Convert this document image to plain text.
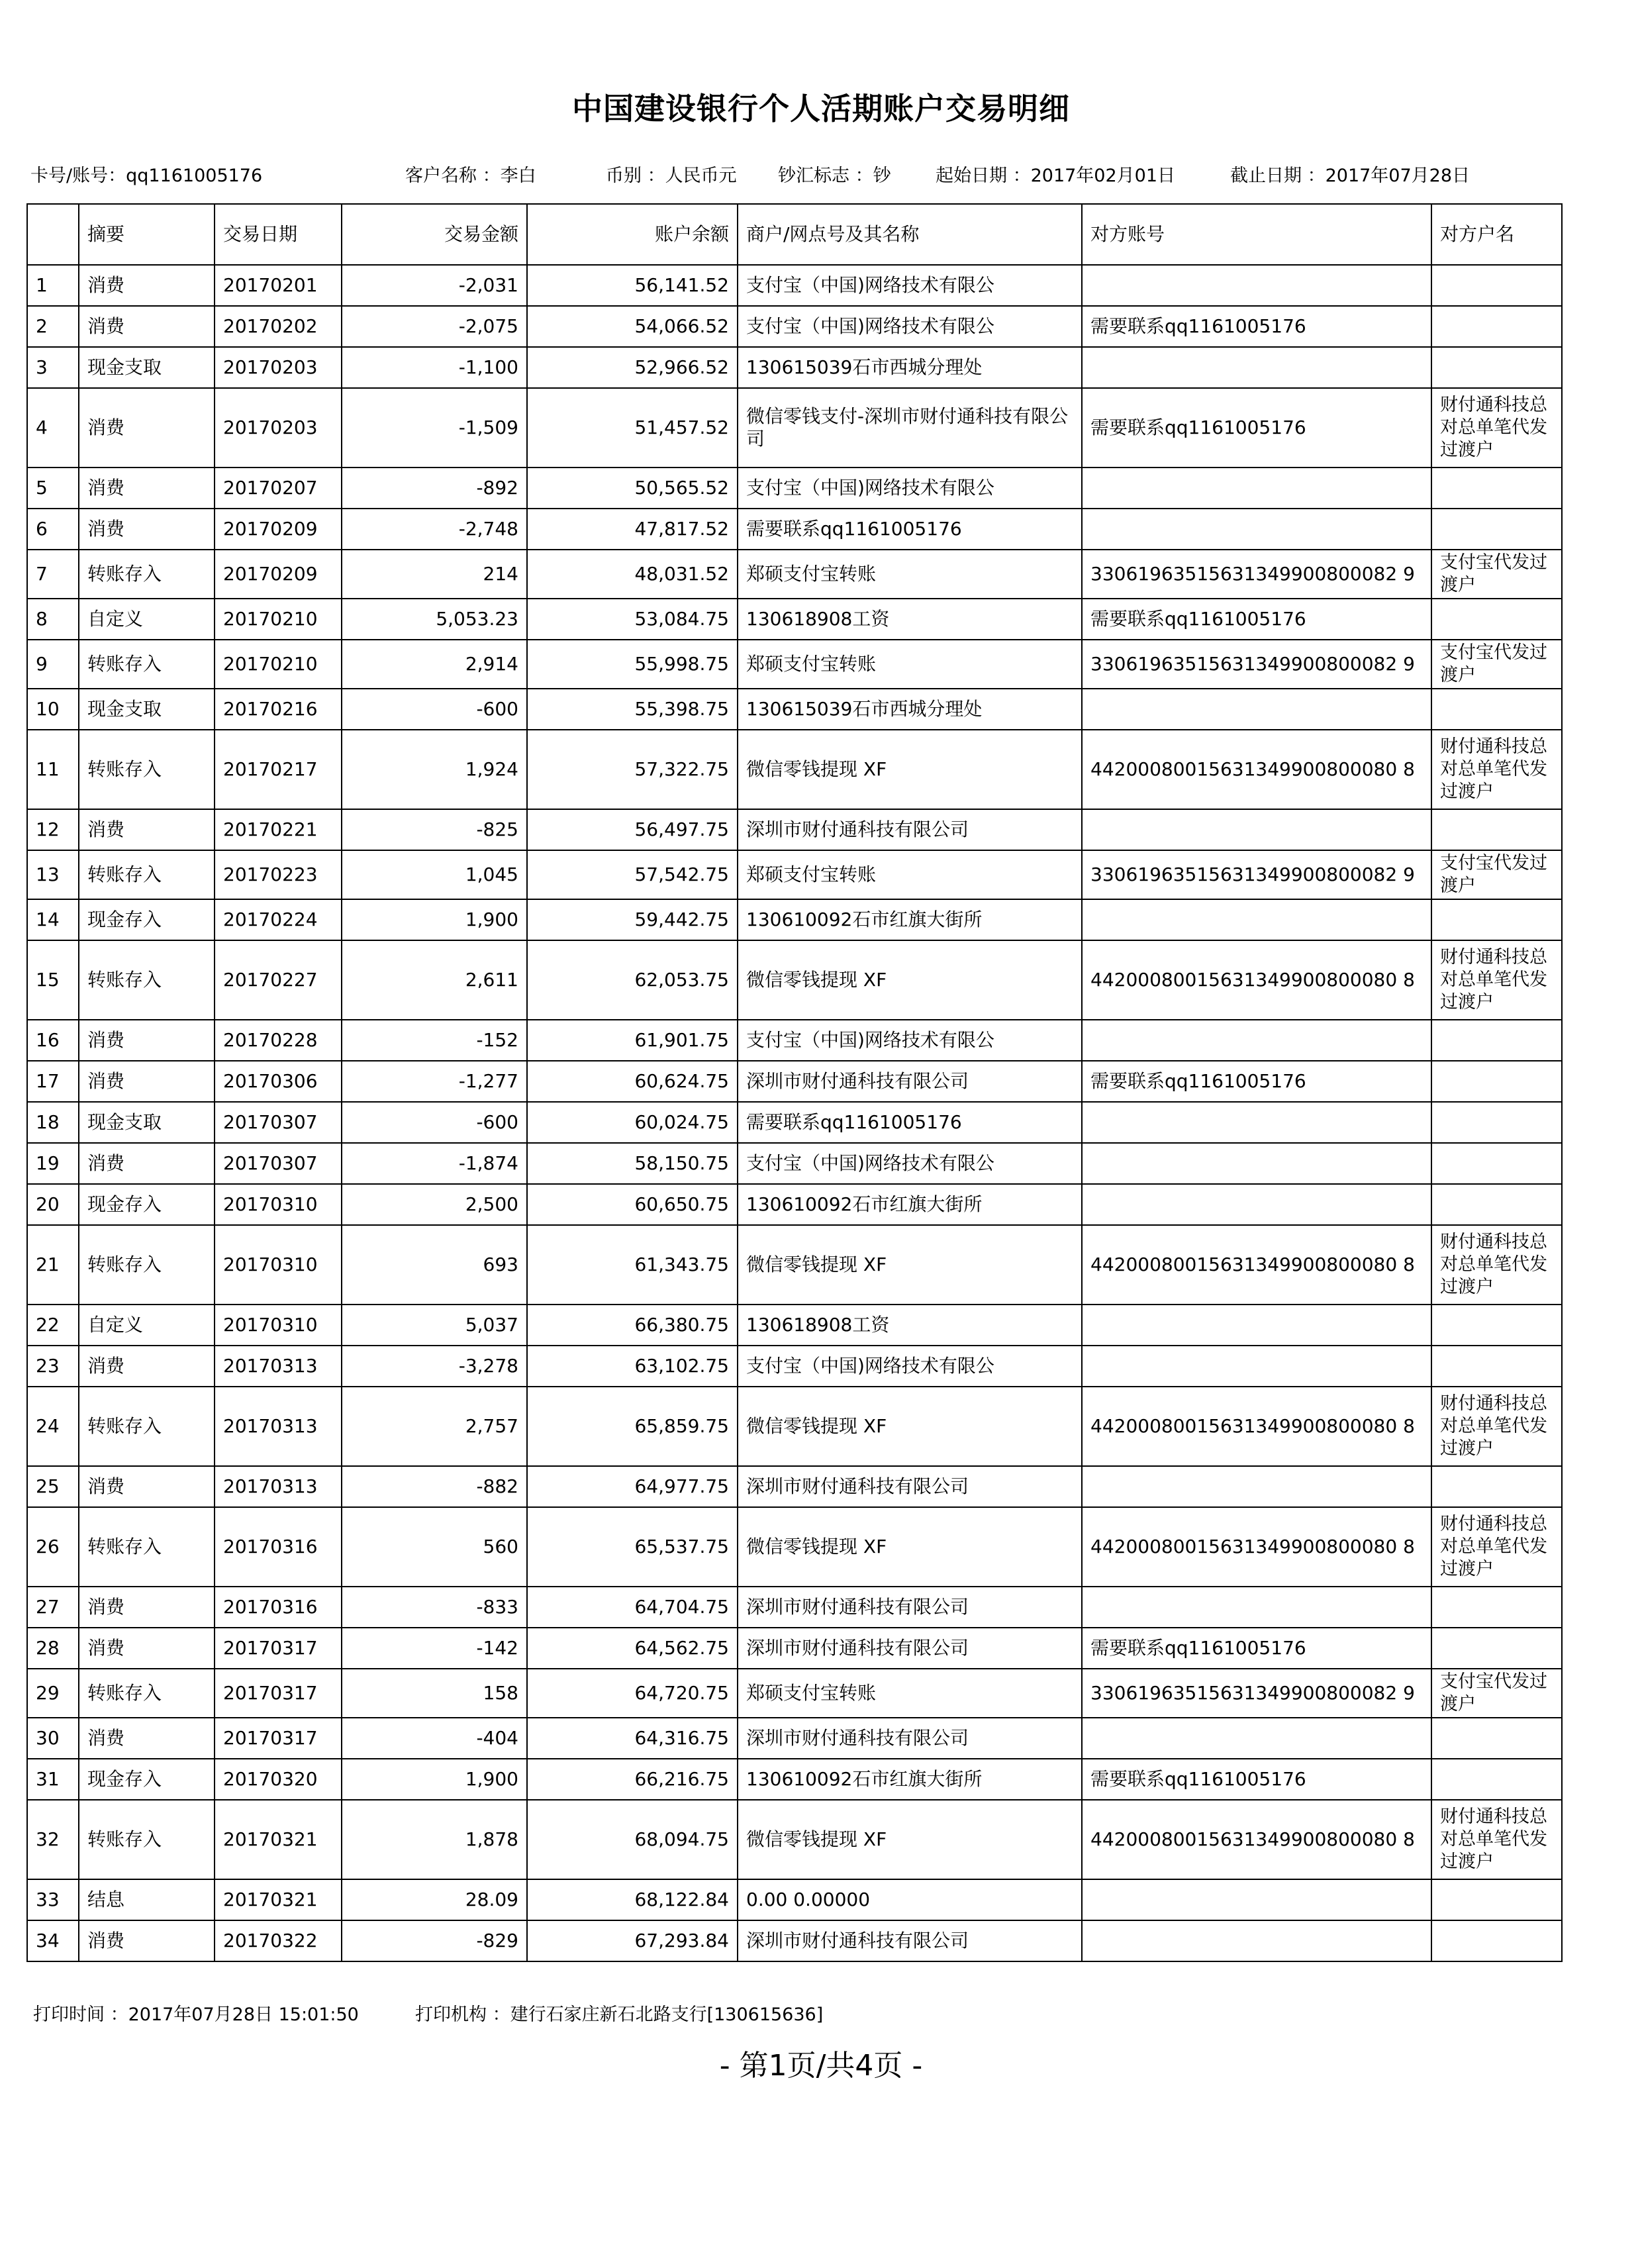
中国建设银行个人活期账户交易明细
卡号/账号：qq1161005176	客户名称 ：李白	币别 ：人民币元 钞汇标志 ：钞 起始日期 ：2017年02月01日	截止日期 ：2017年07月28日
	摘要	交易日期	交易金额	账户余额	商户/网点号及其名称	对方账号	对方户名
1	消费	20170201	-2,031	56,141.52	支付宝（中国)网络技术有限公		
2	消费	20170202	-2,075	54,066.52	支付宝（中国)网络技术有限公	需要联系qq1161005176	
3	现金支取	20170203	-1,100	52,966.52	130615039石市西城分理处		
4	消费	20170203	-1,509	51,457.52	微信零钱支付-深圳市财付通科技有限公司	需要联系qq1161005176	财付通科技总对总单笔代发过渡户
5	消费	20170207	-892	50,565.52	支付宝（中国)网络技术有限公		
6	消费	20170209	-2,748	47,817.52	需要联系qq1161005176		
7	转账存入	20170209	214	48,031.52	郑硕支付宝转账	33061963515631349900800082 9	支付宝代发过渡户
8	自定义	20170210	5,053.23	53,084.75	130618908工资	需要联系qq1161005176	
9	转账存入	20170210	2,914	55,998.75	郑硕支付宝转账	33061963515631349900800082 9	支付宝代发过渡户
10	现金支取	20170216	-600	55,398.75	130615039石市西城分理处		
11	转账存入	20170217	1,924	57,322.75	微信零钱提现 XF	44200080015631349900800080 8	财付通科技总对总单笔代发过渡户
12	消费	20170221	-825	56,497.75	深圳市财付通科技有限公司		
13	转账存入	20170223	1,045	57,542.75	郑硕支付宝转账	33061963515631349900800082 9	支付宝代发过渡户
14	现金存入	20170224	1,900	59,442.75	130610092石市红旗大街所		
15	转账存入	20170227	2,611	62,053.75	微信零钱提现 XF	44200080015631349900800080 8	财付通科技总对总单笔代发过渡户
16	消费	20170228	-152	61,901.75	支付宝（中国)网络技术有限公		
17	消费	20170306	-1,277	60,624.75	深圳市财付通科技有限公司	需要联系qq1161005176	
18	现金支取	20170307	-600	60,024.75	需要联系qq1161005176		
19	消费	20170307	-1,874	58,150.75	支付宝（中国)网络技术有限公		
20	现金存入	20170310	2,500	60,650.75	130610092石市红旗大街所		
21	转账存入	20170310	693	61,343.75	微信零钱提现 XF	44200080015631349900800080 8	财付通科技总对总单笔代发过渡户
22	自定义	20170310	5,037	66,380.75	130618908工资		
23	消费	20170313	-3,278	63,102.75	支付宝（中国)网络技术有限公		
24	转账存入	20170313	2,757	65,859.75	微信零钱提现 XF	44200080015631349900800080 8	财付通科技总对总单笔代发过渡户
25	消费	20170313	-882	64,977.75	深圳市财付通科技有限公司		
26	转账存入	20170316	560	65,537.75	微信零钱提现 XF	44200080015631349900800080 8	财付通科技总对总单笔代发过渡户
27	消费	20170316	-833	64,704.75	深圳市财付通科技有限公司		
28	消费	20170317	-142	64,562.75	深圳市财付通科技有限公司	需要联系qq1161005176	
29	转账存入	20170317	158	64,720.75	郑硕支付宝转账	33061963515631349900800082 9	支付宝代发过渡户
30	消费	20170317	-404	64,316.75	深圳市财付通科技有限公司		
31	现金存入	20170320	1,900	66,216.75	130610092石市红旗大街所	需要联系qq1161005176	
32	转账存入	20170321	1,878	68,094.75	微信零钱提现 XF	44200080015631349900800080 8	财付通科技总对总单笔代发过渡户
33	结息	20170321	28.09	68,122.84	0.00 0.00000		
34	消费	20170322	-829	67,293.84	深圳市财付通科技有限公司		
打印时间 ：2017年07月28日 15:01:50	打印机构 ：建行石家庄新石北路支行[130615636]
- 第1页/共4页 -
